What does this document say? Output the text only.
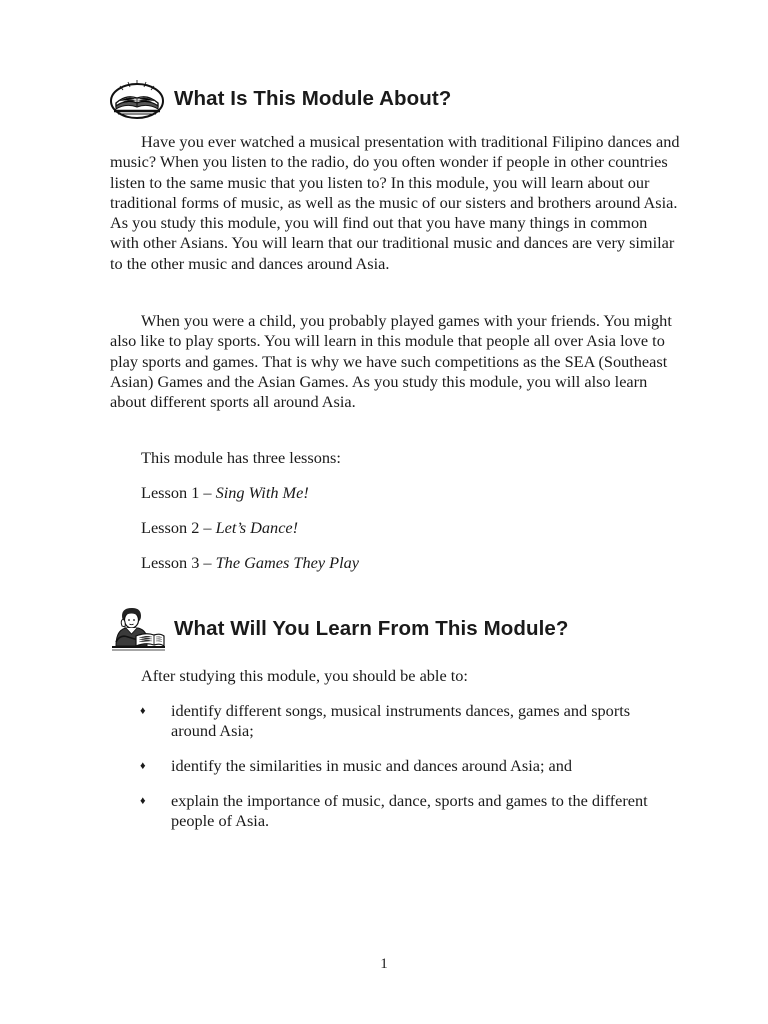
What Is This Module About?

Have you ever watched a musical presentation with traditional Filipino dances and music? When you listen to the radio, do you often wonder if people in other countries listen to the same music that you listen to? In this module, you will learn about our traditional forms of music, as well as the music of our sisters and brothers around Asia. As you study this module, you will find out that you have many things in common with other Asians. You will learn that our traditional music and dances are very similar to the other music and dances around Asia.

When you were a child, you probably played games with your friends. You might also like to play sports. You will learn in this module that people all over Asia love to play sports and games. That is why we have such competitions as the SEA (Southeast Asian) Games and the Asian Games. As you study this module, you will also learn about different sports all around Asia.

This module has three lessons:
Lesson 1 – Sing With Me!
Lesson 2 – Let’s Dance!
Lesson 3 – The Games They Play
What Will You Learn From This Module?
After studying this module, you should be able to:
♦	identify different songs, musical instruments dances, games and sports around Asia;
♦	identify the similarities in music and dances around Asia; and
♦	explain the importance of music, dance, sports and games to the different people of Asia.
1
